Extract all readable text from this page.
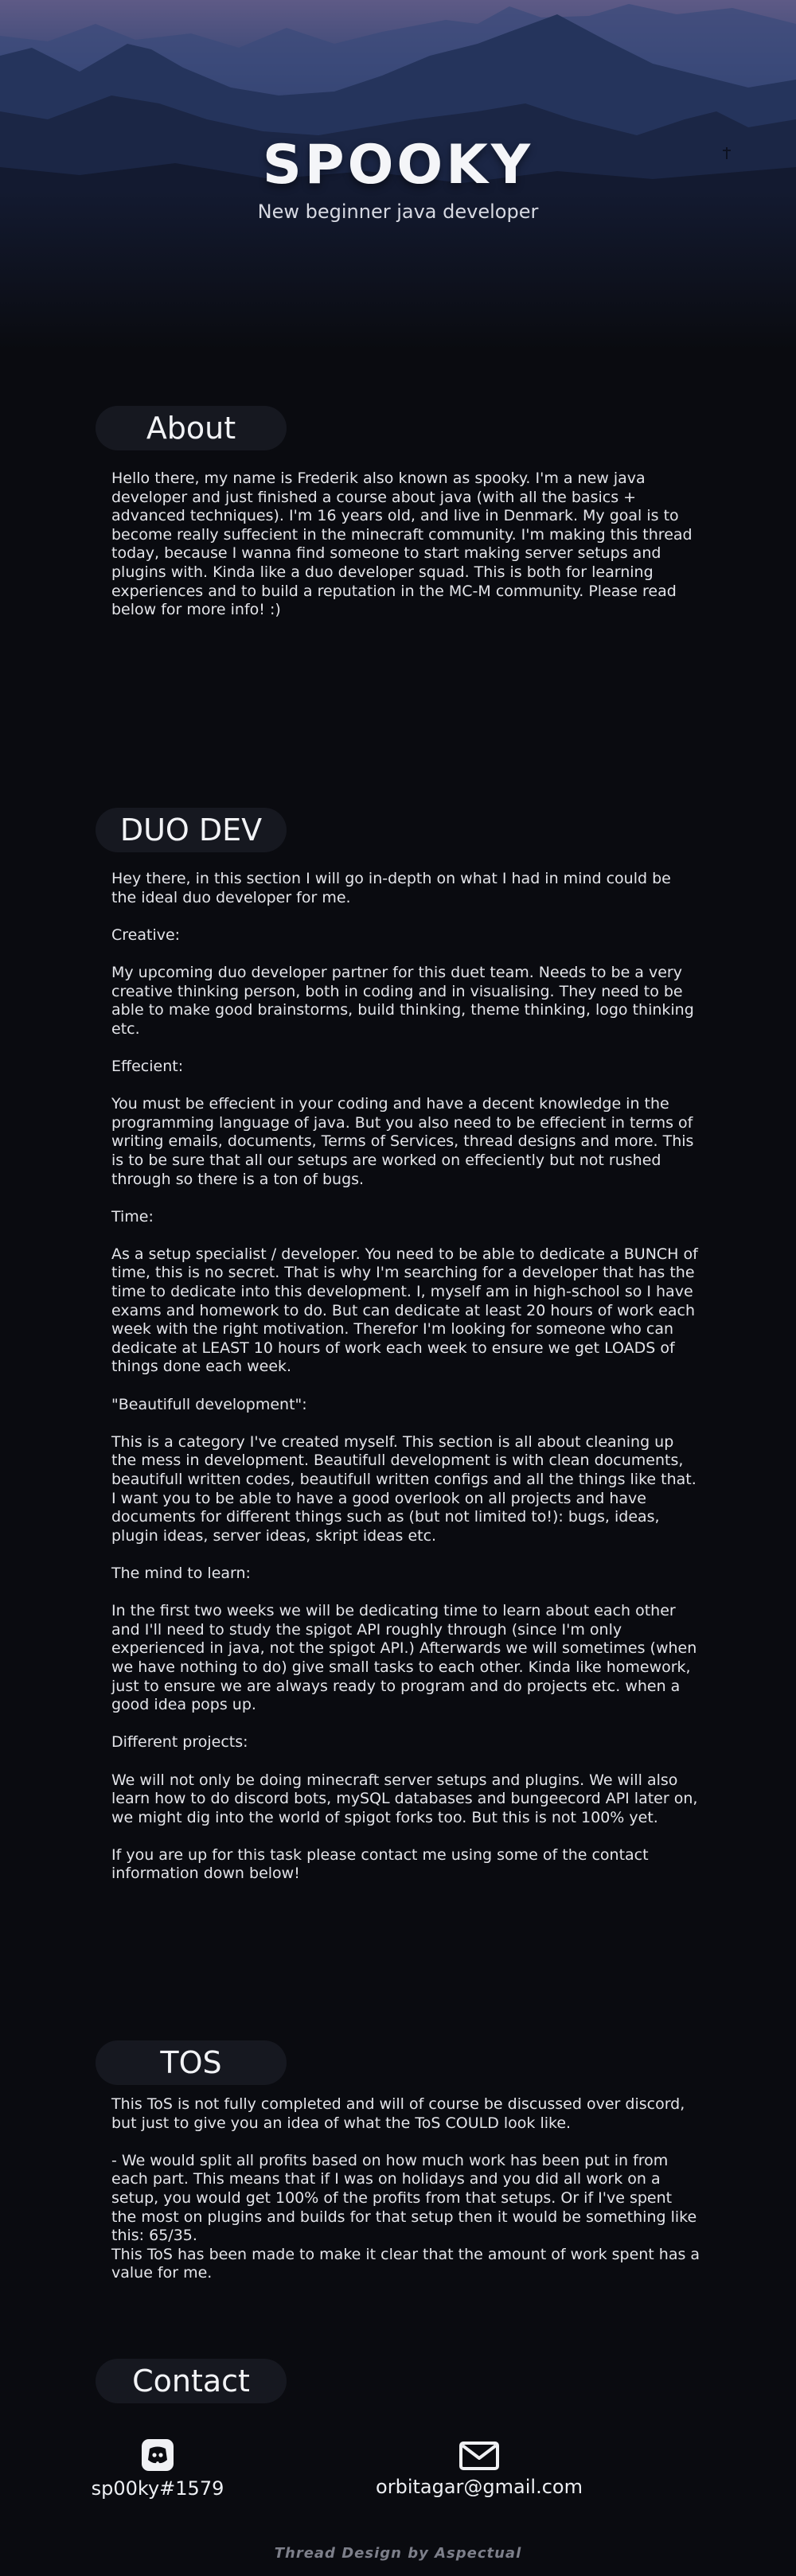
SPOOKY
New beginner java developer
About
Hello there, my name is Frederik also known as spooky. I'm a new java developer and just finished a course about java (with all the basics + advanced techniques). I'm 16 years old, and live in Denmark. My goal is to become really suffecient in the minecraft community. I'm making this thread today, because I wanna find someone to start making server setups and plugins with. Kinda like a duo developer squad. This is both for learning experiences and to build a reputation in the MC-M community. Please read below for more info! :)
DUO DEV
Hey there, in this section I will go in-depth on what I had in mind could be the ideal duo developer for me.

Creative:

My upcoming duo developer partner for this duet team. Needs to be a very creative thinking person, both in coding and in visualising. They need to be able to make good brainstorms, build thinking, theme thinking, logo thinking etc.

Effecient:

You must be effecient in your coding and have a decent knowledge in the programming language of java. But you also need to be effecient in terms of writing emails, documents, Terms of Services, thread designs and more. This is to be sure that all our setups are worked on effeciently but not rushed through so there is a ton of bugs.

Time:

As a setup specialist / developer. You need to be able to dedicate a BUNCH of time, this is no secret. That is why I'm searching for a developer that has the time to dedicate into this development. I, myself am in high-school so I have exams and homework to do. But can dedicate at least 20 hours of work each week with the right motivation. Therefor I'm looking for someone who can dedicate at LEAST 10 hours of work each week to ensure we get LOADS of things done each week.

"Beautifull development":

This is a category I've created myself. This section is all about cleaning up the mess in development. Beautifull development is with clean documents, beautifull written codes, beautifull written configs and all the things like that. I want you to be able to have a good overlook on all projects and have documents for different things such as (but not limited to!): bugs, ideas, plugin ideas, server ideas, skript ideas etc.

The mind to learn:

In the first two weeks we will be dedicating time to learn about each other and I'll need to study the spigot API roughly through (since I'm only experienced in java, not the spigot API.) Afterwards we will sometimes (when we have nothing to do) give small tasks to each other. Kinda like homework, just to ensure we are always ready to program and do projects etc. when a good idea pops up.

Different projects:

We will not only be doing minecraft server setups and plugins. We will also learn how to do discord bots, mySQL databases and bungeecord API later on, we might dig into the world of spigot forks too. But this is not 100% yet.

If you are up for this task please contact me using some of the contact information down below!
TOS
This ToS is not fully completed and will of course be discussed over discord, but just to give you an idea of what the ToS COULD look like.

- We would split all profits based on how much work has been put in from each part. This means that if I was on holidays and you did all work on a setup, you would get 100% of the profits from that setups. Or if I've spent the most on plugins and builds for that setup then it would be something like this: 65/35.
This ToS has been made to make it clear that the amount of work spent has a value for me.
Contact
sp00ky#1579	orbitagar@gmail.com
Thread Design by Aspectual
